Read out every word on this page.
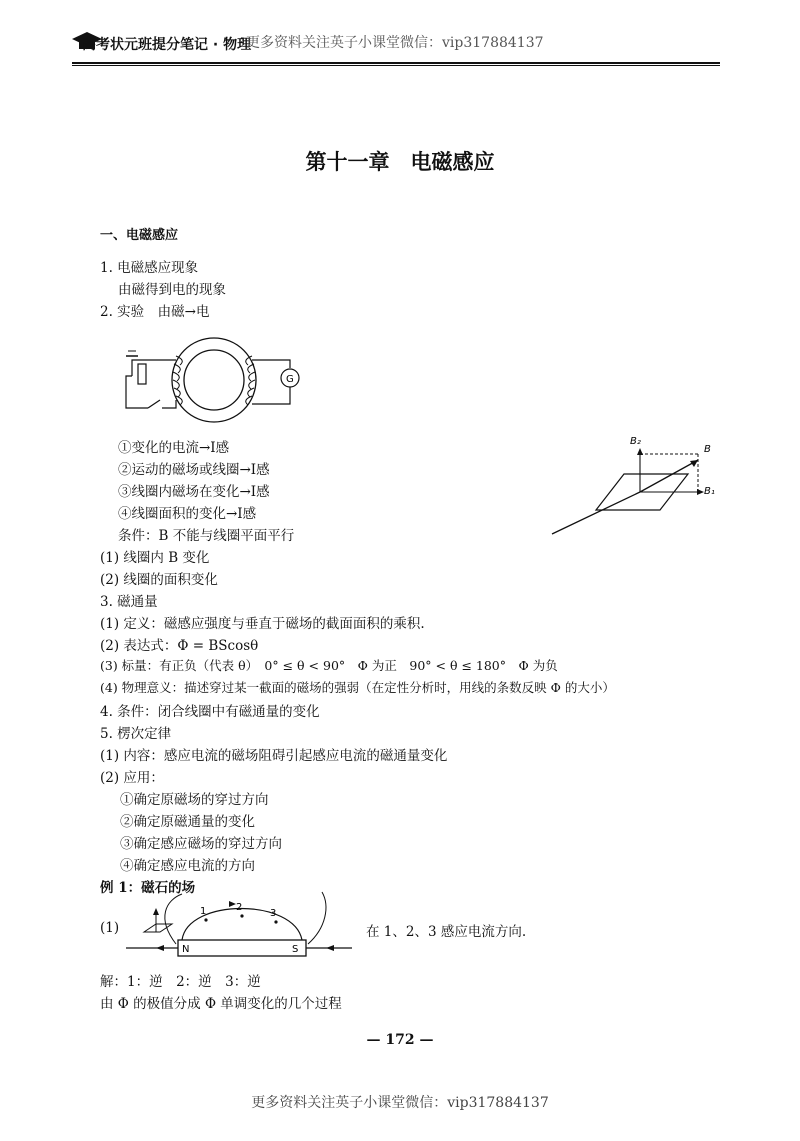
高考状元班提分笔记 · 物理
更多资料关注英子小课堂微信：vip317884137
第十一章　电磁感应
一、电磁感应
1. 电磁感应现象
由磁得到电的现象
2. 实验　由磁→电
G
①变化的电流→I感
②运动的磁场或线圈→I感
③线圈内磁场在变化→I感
④线圈面积的变化→I感
条件：B 不能与线圈平面平行
B₂
B
B₁
(1) 线圈内 B 变化
(2) 线圈的面积变化
3. 磁通量
(1) 定义：磁感应强度与垂直于磁场的截面面积的乘积.
(2) 表达式：Φ = BScosθ
(3) 标量：有正负（代表 θ）　0° ≤ θ < 90°　Φ 为正　90° < θ ≤ 180°　Φ 为负
(4) 物理意义：描述穿过某一截面的磁场的强弱（在定性分析时，用线的条数反映 Φ 的大小）
4. 条件：闭合线圈中有磁通量的变化
5. 楞次定律
(1) 内容：感应电流的磁场阻碍引起感应电流的磁通量变化
(2) 应用：
①确定原磁场的穿过方向
②确定原磁通量的变化
③确定感应磁场的穿过方向
④确定感应电流的方向
例 1：磁石的场
(1)
N	S
1	2
3
在 1、2、3 感应电流方向.
解：1：逆　2：逆　3：逆
由 Φ 的极值分成 Φ 单调变化的几个过程
— 172 —
更多资料关注英子小课堂微信：vip317884137
